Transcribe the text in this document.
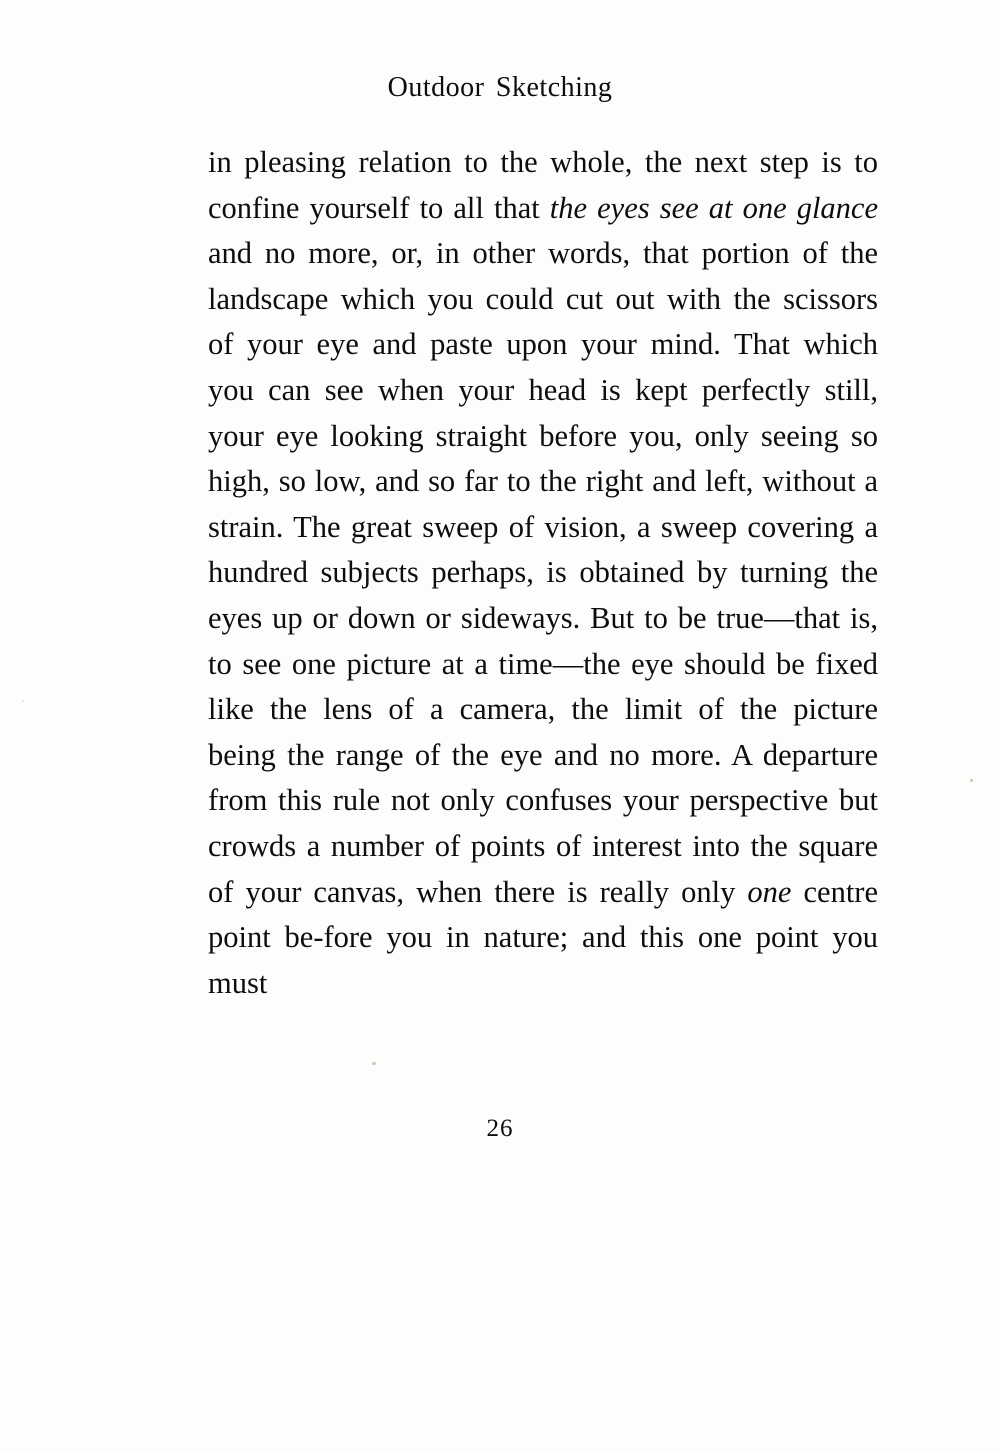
Outdoor Sketching

in pleasing relation to the whole, the next step is to confine yourself to all that the eyes see at one glance and no more, or, in other words, that portion of the landscape which you could cut out with the scissors of your eye and paste upon your mind. That which you can see when your head is kept perfectly still, your eye looking straight before you, only seeing so high, so low, and so far to the right and left, without a strain. The great sweep of vision, a sweep covering a hundred subjects perhaps, is obtained by turning the eyes up or down or sideways. But to be true—that is, to see one picture at a time—the eye should be fixed like the lens of a camera, the limit of the picture being the range of the eye and no more. A departure from this rule not only confuses your perspective but crowds a number of points of interest into the square of your canvas, when there is really only one centre point be-fore you in nature; and this one point you must

26
